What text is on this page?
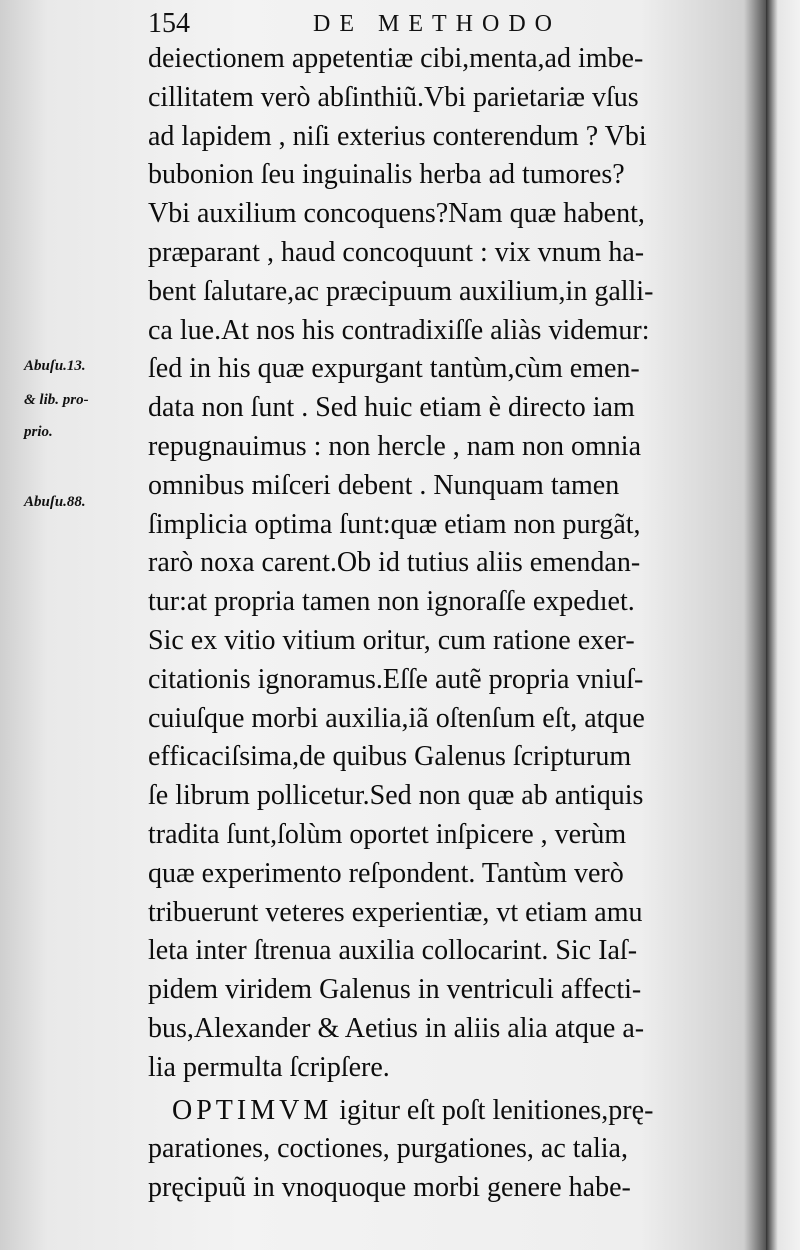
154	DE METHODO
Abuſu.13.
& lib. pro-
prio.
Abuſu.88.
deiectionem appetentiæ cibi,menta,ad imbe-
cillitatem verò abſinthiũ.Vbi parietariæ vſus
ad lapidem , niſi exterius conterendum ? Vbi
bubonion ſeu inguinalis herba ad tumores?
Vbi auxilium concoquens?Nam quæ habent,
præparant , haud concoquunt : vix vnum ha-
bent ſalutare,ac præcipuum auxilium,in galli-
ca lue.At nos his contradixiſſe aliàs videmur:
ſed in his quæ expurgant tantùm,cùm emen-
data non ſunt . Sed huic etiam è directo iam
repugnauimus : non hercle , nam non omnia
omnibus miſceri debent . Nunquam tamen
ſimplicia optima ſunt:quæ etiam non purgãt,
rarò noxa carent.Ob id tutius aliis emendan-
tur:at propria tamen non ignoraſſe expedıet.
Sic ex vitio vitium oritur, cum ratione exer-
citationis ignoramus.Eſſe autẽ propria vniuſ-
cuiuſque morbi auxilia,iã oſtenſum eſt, atque
efficaciſsima,de quibus Galenus ſcripturum
ſe librum pollicetur.Sed non quæ ab antiquis
tradita ſunt,ſolùm oportet inſpicere , verùm
quæ experimento reſpondent. Tantùm verò
tribuerunt veteres experientiæ, vt etiam amu
leta inter ſtrenua auxilia collocarint. Sic Iaſ-
pidem viridem Galenus in ventriculi affecti-
bus,Alexander & Aetius in aliis alia atque a-
lia permulta ſcripſere.
OPTIMVM igitur eſt poſt lenitiones,prę-
parationes, coctiones, purgationes, ac talia,
pręcipuũ in vnoquoque morbi genere habe-
